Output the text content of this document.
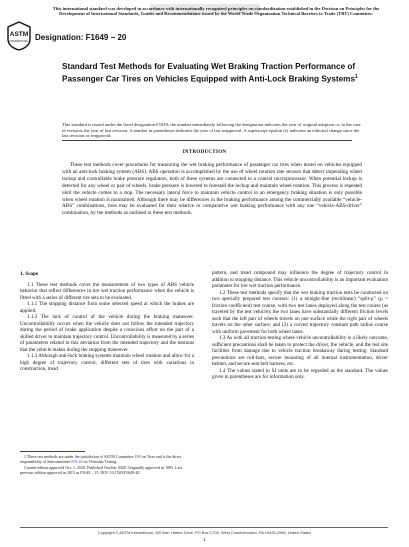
This international standard was developed in accordance with internationally recognized principles on standardization established in the Decision on Principles for the Development of International Standards, Guides and Recommendations issued by the World Trade Organization Technical Barriers to Trade (TBT) Committee.
ASTM
INTERNATIONAL Designation: F1649 − 20
Standard Test Methods for Evaluating Wet Braking Traction Performance of Passenger Car Tires on Vehicles Equipped with Anti-Lock Braking Systems$^1$
This standard is issued under the fixed designation F1649; the number immediately following the designation indicates the year of original adoption or, in the case of revision, the year of last revision. A number in parentheses indicates the year of last reapproval. A superscript epsilon (ε) indicates an editorial change since the last revision or reapproval.
INTRODUCTION
These test methods cover procedures for measuring the wet braking performance of passenger car tires when tested on vehicles equipped with an anti-lock braking system (ABS). ABS operation is accomplished by the use of wheel rotation rate sensors that detect impending wheel lockup and controllable brake pressure regulators, both of these systems are connected to a control microprocessor. When potential lockup is detected for any wheel or pair of wheels, brake pressure is lowered to forestall the lockup and maintain wheel rotation. This process is repeated until the vehicle comes to a stop. The necessary lateral force to maintain vehicle control in an emergency braking situation is only possible when wheel rotation is maintained. Although there may be differences in the braking performance among the commercially available “vehicle-ABS” combinations, tires may be evaluated for their relative or comparative wet braking performance with any one “vehicle-ABS-driver” combination, by the methods as outlined in these test methods.
1. Scope

1.1 These test methods cover the measurement of two types of ABS vehicle behavior that reflect differences in tire wet traction performance when the vehicle is fitted with a series of different tire sets to be evaluated.

1.1.1 The stopping distance from some selected speed at which the brakes are applied.

1.1.2 The lack of control of the vehicle during the braking maneuver. Uncontrollability occurs when the vehicle does not follow the intended trajectory during the period of brake application despite a conscious effort on the part of a skilled driver to maintain trajectory control. Uncontrollability is measured by a series of parameters related to this deviation from the intended trajectory and the motions that the vehicle makes during the stopping maneuver.

1.1.3 Although anti-lock braking systems maintain wheel rotation and allow for a high degree of trajectory control, different sets of tires with variations in construction, tread

1 These test methods are under the jurisdiction of ASTM Committee F09 on Tires and is the direct responsibility of Subcommittee F09.20 on Vehicular Testing.

Current edition approved Oct. 1, 2020. Published October 2020. Originally approved in 1995. Last previous edition approved in 2015 as F1649 – 15. DOI: 10.1520/F1649-20.

pattern, and tread compound may influence the degree of trajectory control in addition to stopping distance. This vehicle uncontrollability is an important evaluation parameter for tire wet traction performance.

1.2 These test methods specify that the wet braking traction tests be conducted on two specially prepared test courses: (1) a straight-line (rectilinear) “split-μ” (μ = friction coefficient) test course, with two test lanes deployed along the test course (as traveled by the test vehicle); the two lanes have substantially different friction levels such that the left pair of wheels travels on one surface while the right pair of wheels travels on the other surface; and (2) a curved trajectory constant path radius course with uniform pavement for both wheel lanes.

1.3 As with all traction testing where vehicle uncontrollability is a likely outcome, sufficient precautions shall be taken to protect the driver, the vehicle, and the test site facilities from damage due to vehicle traction breakaway during testing. Standard precautions are roll-bars, secure mounting of all internal instrumentation, driver helmet, and secure seat belt harness, etc.

1.4 The values stated in SI units are to be regarded as the standard. The values given in parentheses are for information only.

Copyright © ASTM International, 100 Barr Harbor Drive, PO Box C700, West Conshohocken, PA 19428-2959. United States
1
